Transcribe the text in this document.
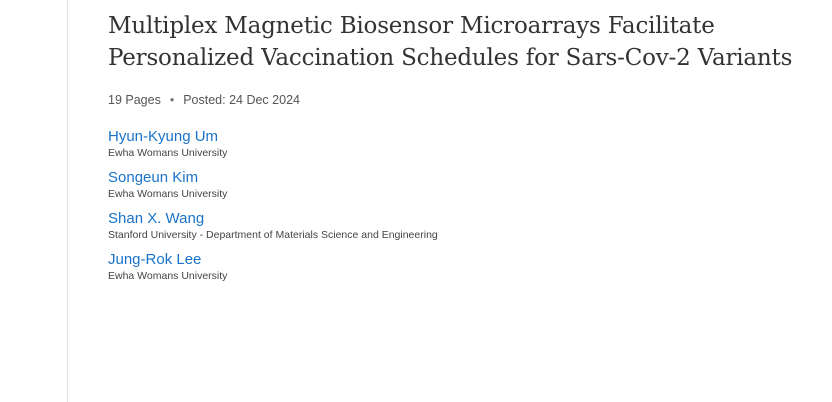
Multiplex Magnetic Biosensor Microarrays Facilitate Personalized Vaccination Schedules for Sars-Cov-2 Variants
19 Pages • Posted: 24 Dec 2024
Hyun-Kyung Um
Ewha Womans University
Songeun Kim
Ewha Womans University
Shan X. Wang
Stanford University - Department of Materials Science and Engineering
Jung-Rok Lee
Ewha Womans University
